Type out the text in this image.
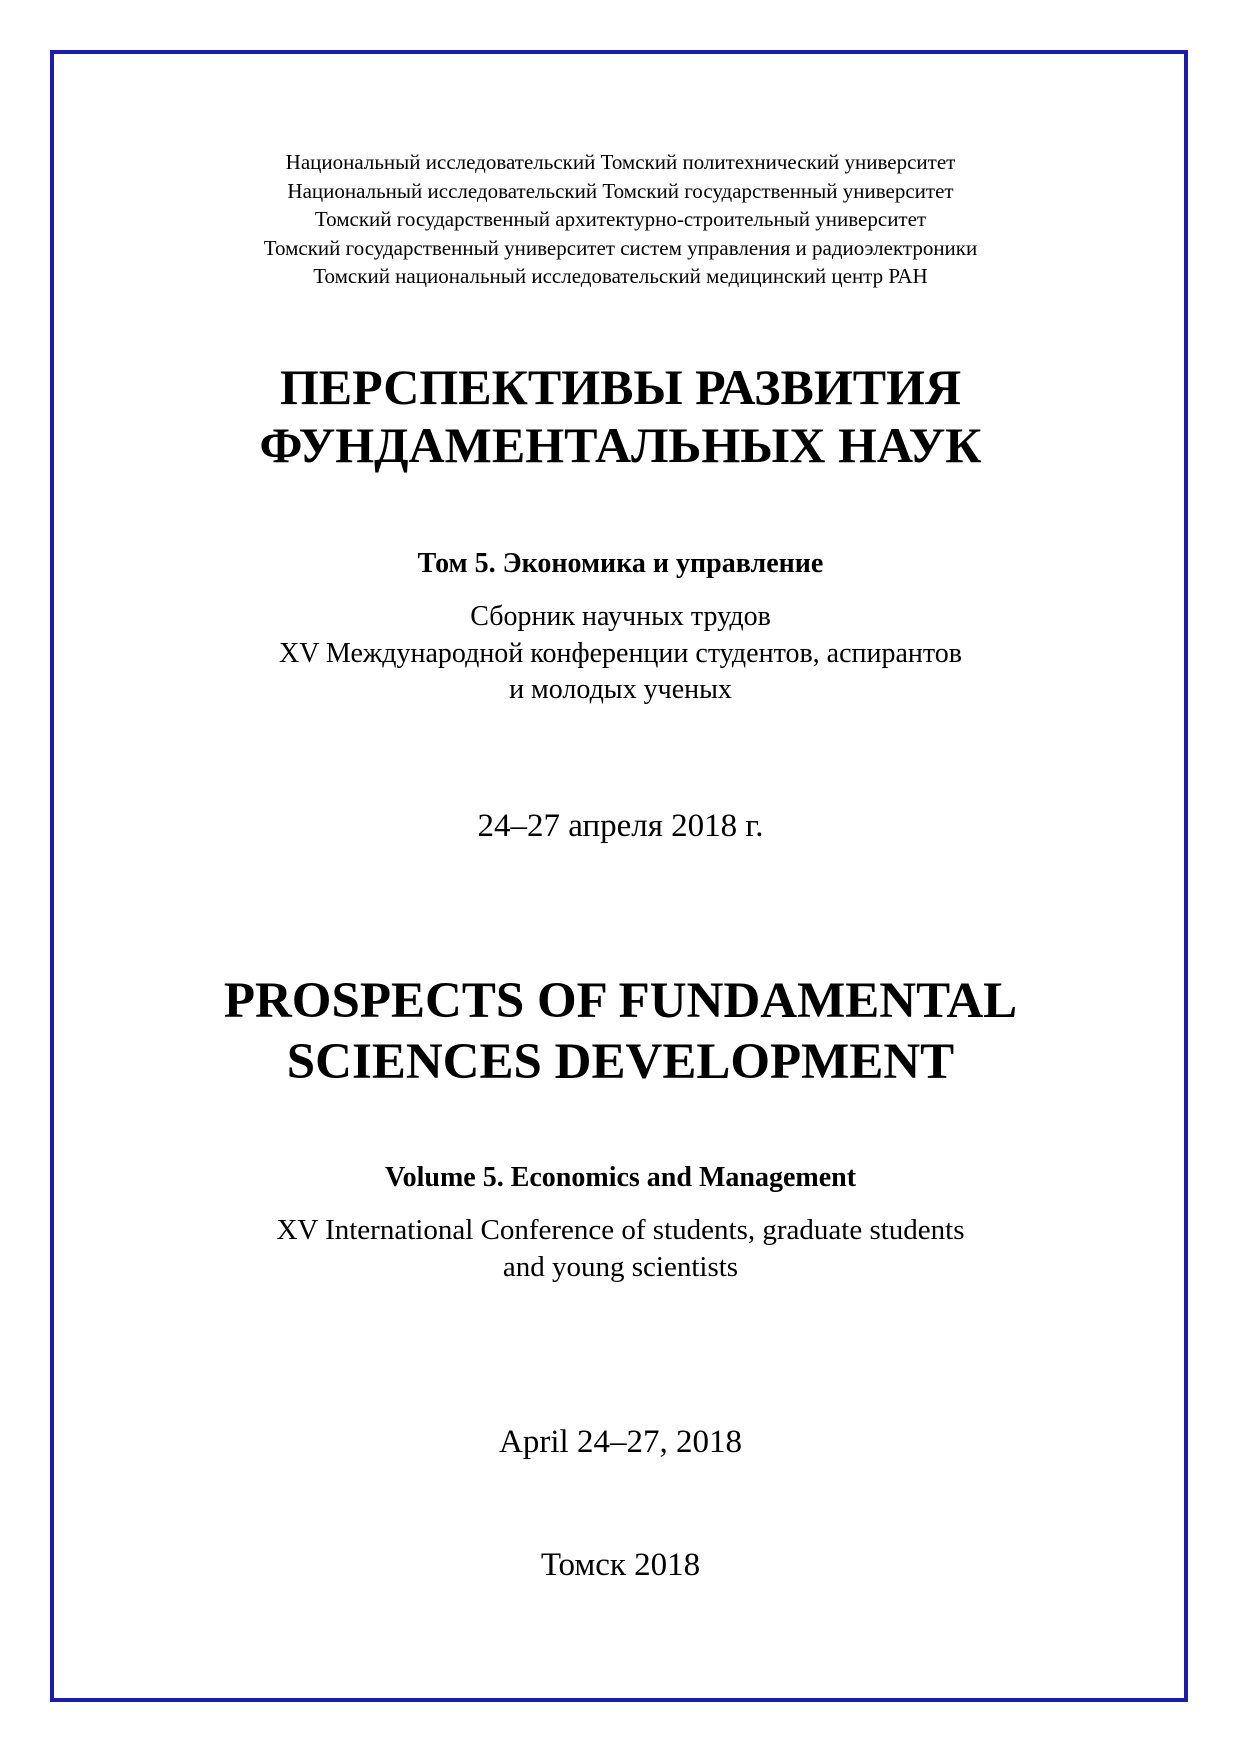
Национальный исследовательский Томский политехнический университет
Национальный исследовательский Томский государственный университет
Томский государственный архитектурно-строительный университет
Томский государственный университет систем управления и радиоэлектроники
Томский национальный исследовательский медицинский центр РАН
ПЕРСПЕКТИВЫ РАЗВИТИЯ
ФУНДАМЕНТАЛЬНЫХ НАУК
Том 5. Экономика и управление
Сборник научных трудов
XV Международной конференции студентов, аспирантов
и молодых ученых
24–27 апреля 2018 г.
PROSPECTS OF FUNDAMENTAL
SCIENCES DEVELOPMENT
Volume 5. Economics and Management
XV International Conference of students, graduate students
and young scientists
April 24–27, 2018
Томск 2018
